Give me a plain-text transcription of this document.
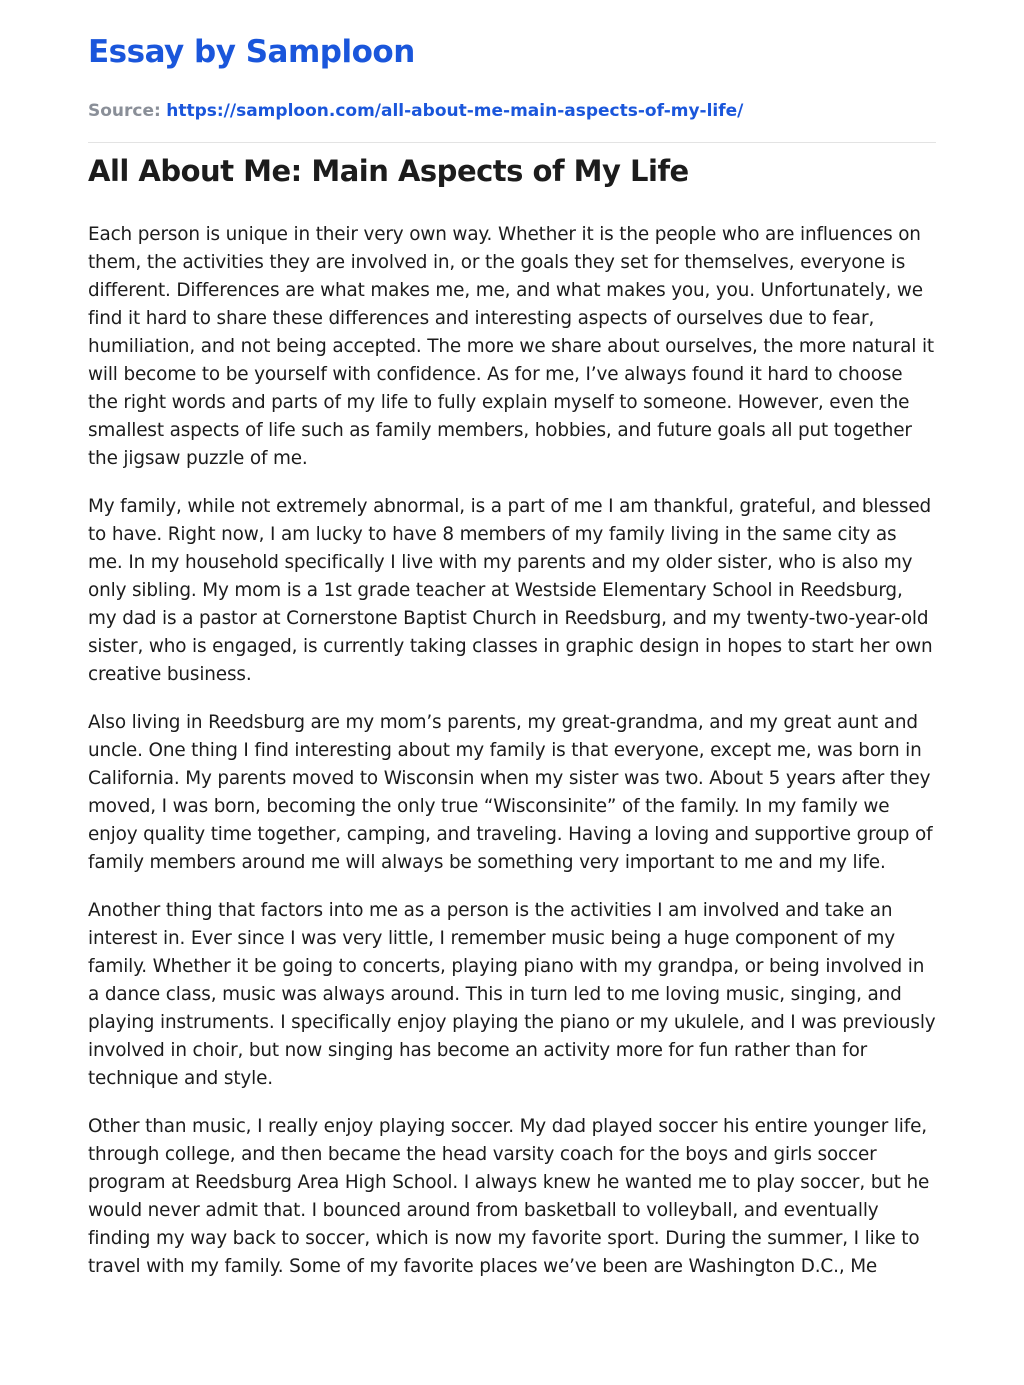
Essay by Samploon
Source: https://samploon.com/all-about-me-main-aspects-of-my-life/
All About Me: Main Aspects of My Life

Each person is unique in their very own way. Whether it is the people who are influences on them, the activities they are involved in, or the goals they set for themselves, everyone is different. Differences are what makes me, me, and what makes you, you. Unfortunately, we find it hard to share these differences and interesting aspects of ourselves due to fear, humiliation, and not being accepted. The more we share about ourselves, the more natural it will become to be yourself with confidence. As for me, I’ve always found it hard to choose the right words and parts of my life to fully explain myself to someone. However, even the smallest aspects of life such as family members, hobbies, and future goals all put together the jigsaw puzzle of me.

My family, while not extremely abnormal, is a part of me I am thankful, grateful, and blessed to have. Right now, I am lucky to have 8 members of my family living in the same city as me. In my household specifically I live with my parents and my older sister, who is also my only sibling. My mom is a 1st grade teacher at Westside Elementary School in Reedsburg, my dad is a pastor at Cornerstone Baptist Church in Reedsburg, and my twenty-two-year-old sister, who is engaged, is currently taking classes in graphic design in hopes to start her own creative business.

Also living in Reedsburg are my mom’s parents, my great-grandma, and my great aunt and uncle. One thing I find interesting about my family is that everyone, except me, was born in California. My parents moved to Wisconsin when my sister was two. About 5 years after they moved, I was born, becoming the only true “Wisconsinite” of the family. In my family we enjoy quality time together, camping, and traveling. Having a loving and supportive group of family members around me will always be something very important to me and my life.

Another thing that factors into me as a person is the activities I am involved and take an interest in. Ever since I was very little, I remember music being a huge component of my family. Whether it be going to concerts, playing piano with my grandpa, or being involved in a dance class, music was always around. This in turn led to me loving music, singing, and playing instruments. I specifically enjoy playing the piano or my ukulele, and I was previously involved in choir, but now singing has become an activity more for fun rather than for technique and style.

Other than music, I really enjoy playing soccer. My dad played soccer his entire younger life, through college, and then became the head varsity coach for the boys and girls soccer program at Reedsburg Area High School. I always knew he wanted me to play soccer, but he would never admit that. I bounced around from basketball to volleyball, and eventually finding my way back to soccer, which is now my favorite sport. During the summer, I like to travel with my family. Some of my favorite places we’ve been are Washington D.C., Me
